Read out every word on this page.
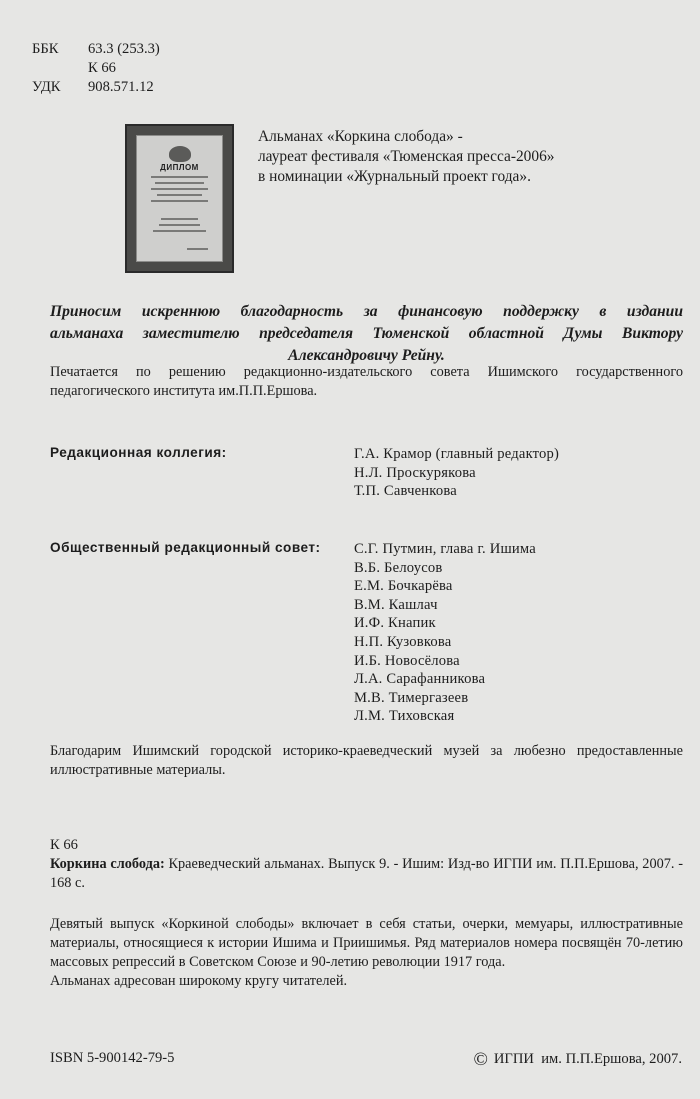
ББК	63.3 (253.3)
К 66
УДК	908.571.12
ДИПЛОМ
Альманах «Коркина слобода» -
лауреат фестиваля «Тюменская пресса-2006»
в номинации «Журнальный проект года».
Приносим искреннюю благодарность за финансовую поддержку в издании
альманаха заместителю председателя Тюменской областной Думы Виктору
Александровичу Рейну.
Печатается по решению редакционно-издательского совета Ишимского государственного педагогического института им.П.П.Ершова.
Редакционная коллегия:	Г.А. Крамор (главный редактор)
Н.Л. Проскурякова
Т.П. Савченкова
Общественный редакционный совет: С.Г. Путмин, глава г. Ишима
В.Б. Белоусов
Е.М. Бочкарёва
В.М. Кашлач
И.Ф. Кнапик
Н.П. Кузовкова
И.Б. Новосёлова
Л.А. Сарафанникова
М.В. Тимергазеев
Л.М. Тиховская
Благодарим Ишимский городской историко-краеведческий музей за любезно предоставленные иллюстративные материалы.
К 66
Коркина слобода: Краеведческий альманах. Выпуск 9. - Ишим: Изд-во ИГПИ им. П.П.Ершова, 2007. - 168 с.
Девятый выпуск «Коркиной слободы» включает в себя статьи, очерки, мемуары, иллюстративные материалы, относящиеся к истории Ишима и Приишимья. Ряд материалов номера посвящён 70-летию массовых репрессий в Советском Союзе и 90-летию революции 1917 года.
Альманах адресован широкому кругу читателей.
ISBN 5-900142-79-5	© ИГПИ  им. П.П.Ершова, 2007.
